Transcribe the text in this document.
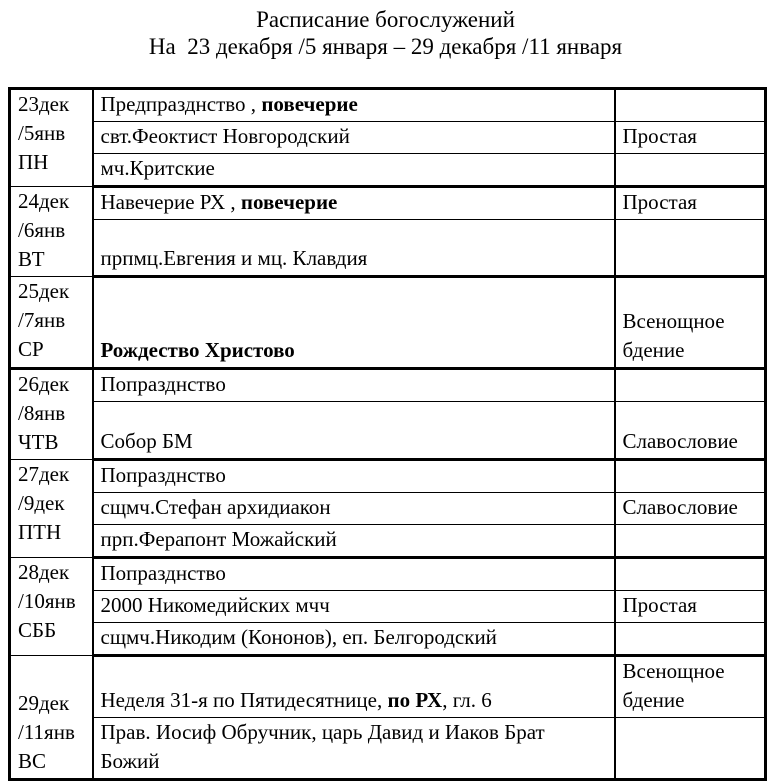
Расписание богослужений
На  23 декабря /5 января – 29 декабря /11 января
23дек
/5янв
ПН	Предпразднство , повечерие	
	свт.Феоктист Новгородский	Простая
	мч.Критские	

24дек
/6янв
ВТ	Навечерие РХ , повечерие	Простая
	прпмц.Евгения и мц. Клавдия	

25дек
/7янв
СР	Рождество Христово	Всенощное бдение

26дек
/8янв
ЧТВ	Попразднство	
	Собор БМ	Славословие

27дек
/9дек
ПТН	Попразднство	
	сщмч.Стефан архидиакон	Славословие
	прп.Ферапонт Можайский	

28дек
/10янв
СББ	Попразднство	
	2000 Никомедийских мчч	Простая
	сщмч.Никодим (Кононов), еп. Белгородский	

29дек
/11янв
ВС	Неделя 31-я по Пятидесятнице, по РХ, гл. 6	Всенощное бдение
	Прав. Иосиф Обручник, царь Давид и Иаков Брат Божий	
